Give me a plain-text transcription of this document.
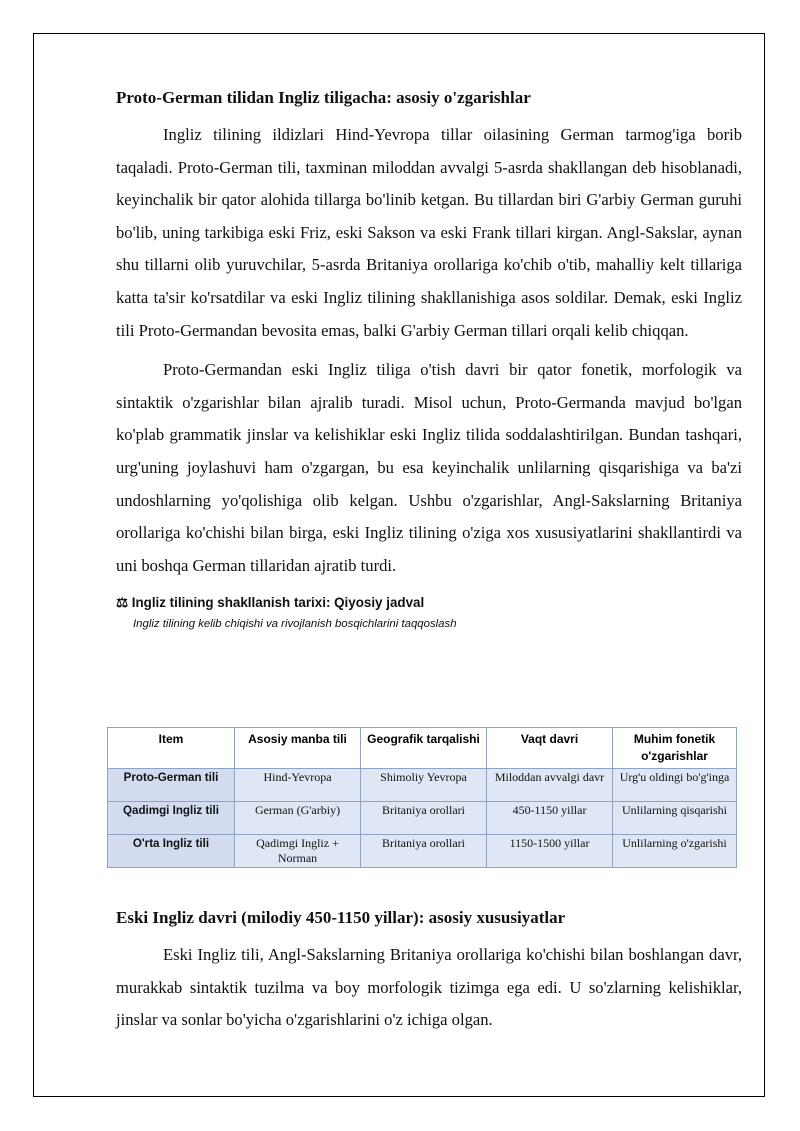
Proto-German tilidan Ingliz tiligacha: asosiy o'zgarishlar

Ingliz tilining ildizlari Hind-Yevropa tillar oilasining German tarmog'iga borib taqaladi. Proto-German tili, taxminan miloddan avvalgi 5-asrda shakllangan deb hisoblanadi, keyinchalik bir qator alohida tillarga bo'linib ketgan. Bu tillardan biri G'arbiy German guruhi bo'lib, uning tarkibiga eski Friz, eski Sakson va eski Frank tillari kirgan. Angl-Sakslar, aynan shu tillarni olib yuruvchilar, 5-asrda Britaniya orollariga ko'chib o'tib, mahalliy kelt tillariga katta ta'sir ko'rsatdilar va eski Ingliz tilining shakllanishiga asos soldilar. Demak, eski Ingliz tili Proto-Germandan bevosita emas, balki G'arbiy German tillari orqali kelib chiqqan.

Proto-Germandan eski Ingliz tiliga o'tish davri bir qator fonetik, morfologik va sintaktik o'zgarishlar bilan ajralib turadi. Misol uchun, Proto-Germanda mavjud bo'lgan ko'plab grammatik jinslar va kelishiklar eski Ingliz tilida soddalashtirilgan. Bundan tashqari, urg'uning joylashuvi ham o'zgargan, bu esa keyinchalik unlilarning qisqarishiga va ba'zi undoshlarning yo'qolishiga olib kelgan. Ushbu o'zgarishlar, Angl-Sakslarning Britaniya orollariga ko'chishi bilan birga, eski Ingliz tilining o'ziga xos xususiyatlarini shakllantirdi va uni boshqa German tillaridan ajratib turdi.

⚖ Ingliz tilining shakllanish tarixi: Qiyosiy jadval
Ingliz tilining kelib chiqishi va rivojlanish bosqichlarini taqqoslash
Item	Asosiy manba tili	Geografik tarqalishi	Vaqt davri	Muhim fonetik o'zgarishlar
Proto-German tili	Hind-Yevropa	Shimoliy Yevropa	Miloddan avvalgi davr	Urg'u oldingi bo'g'inga
Qadimgi Ingliz tili	German (G'arbiy)	Britaniya orollari	450-1150 yillar	Unlilarning qisqarishi
O'rta Ingliz tili	Qadimgi Ingliz + Norman	Britaniya orollari	1150-1500 yillar	Unlilarning o'zgarishi
Eski Ingliz davri (milodiy 450-1150 yillar): asosiy xususiyatlar

Eski Ingliz tili, Angl-Sakslarning Britaniya orollariga ko'chishi bilan boshlangan davr, murakkab sintaktik tuzilma va boy morfologik tizimga ega edi. U so'zlarning kelishiklar, jinslar va sonlar bo'yicha o'zgarishlarini o'z ichiga olgan.
